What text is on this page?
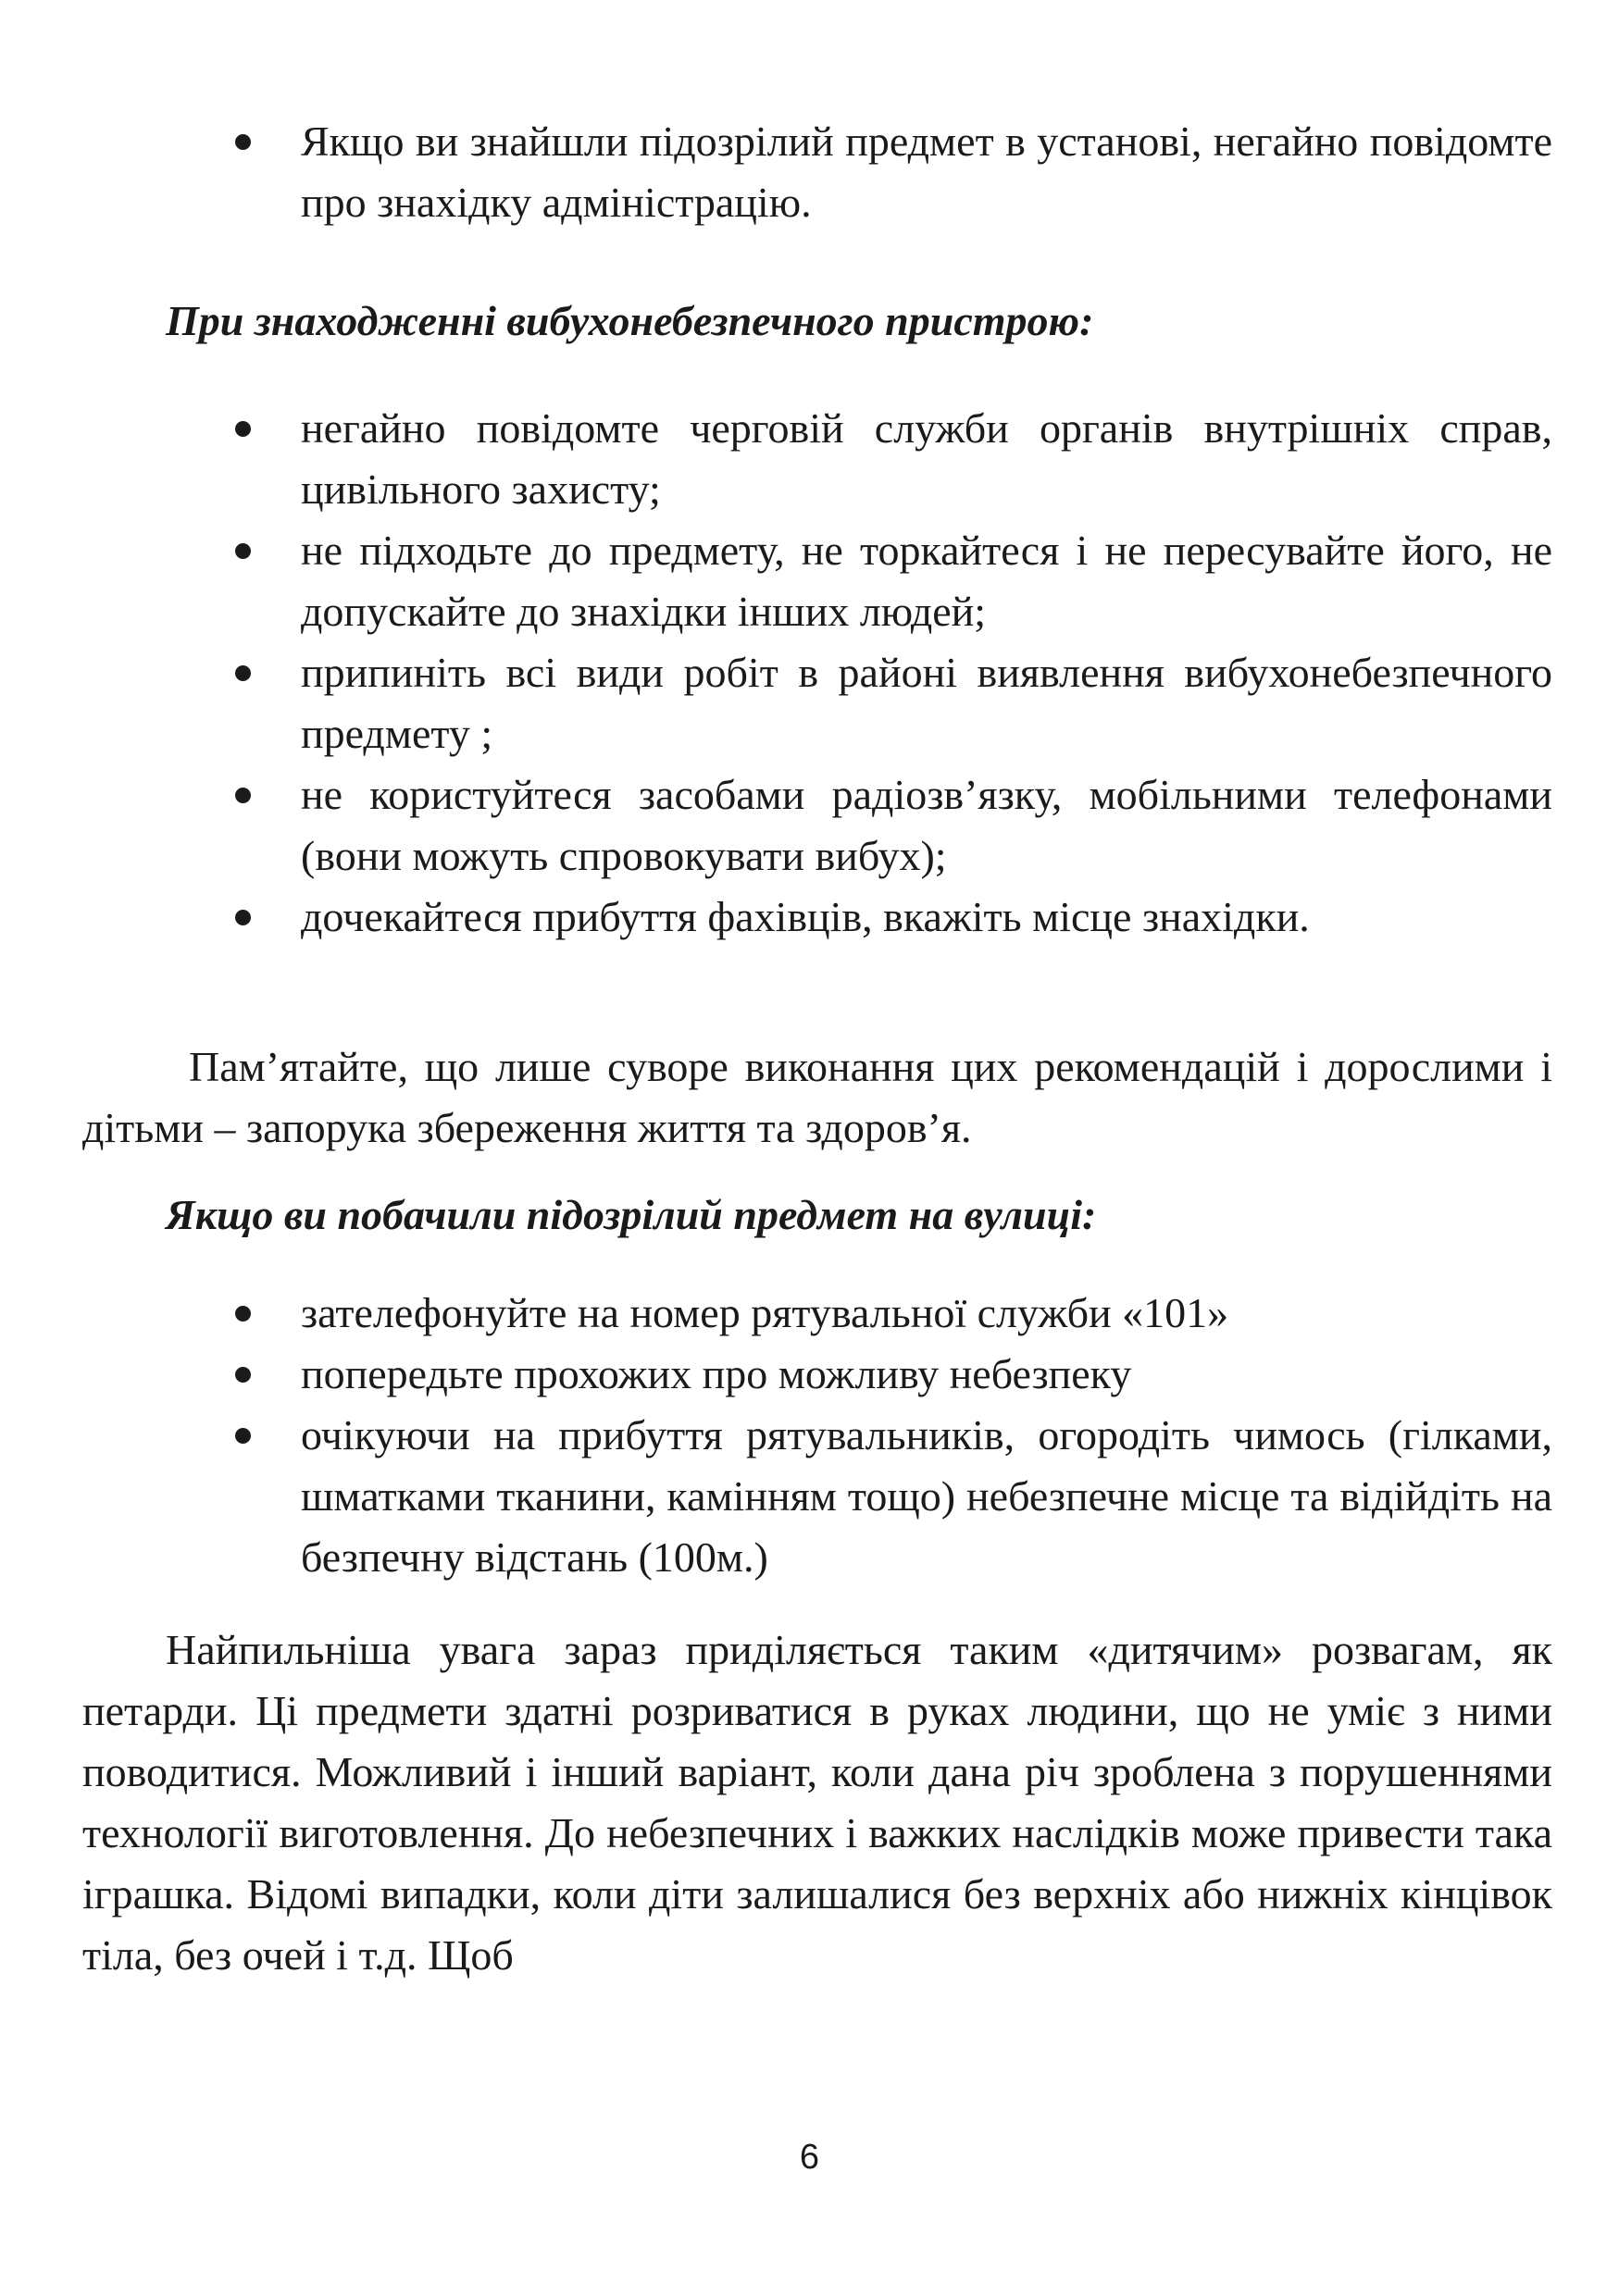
Якщо ви знайшли підозрілий предмет в установі, негайно повідомте про знахідку адміністрацію.

При знаходженні вибухонебезпечного пристрою:

негайно повідомте черговій служби органів внутрішніх справ, цивільного захисту;
не підходьте до предмету, не торкайтеся і не пересувайте його, не допускайте до знахідки інших людей;
припиніть всі види робіт в районі виявлення вибухонебезпечного предмету ;
не користуйтеся засобами радіозв’язку, мобільними телефонами (вони можуть спровокувати вибух);
дочекайтеся прибуття фахівців, вкажіть місце знахідки.

Пам’ятайте, що лише суворе виконання цих рекомендацій і дорослими і дітьми – запорука збереження життя та здоров’я.

Якщо ви побачили підозрілий предмет на вулиці:

зателефонуйте на номер рятувальної служби «101»
попередьте прохожих про можливу небезпеку
очікуючи на прибуття рятувальників, огородіть чимось (гілками, шматками тканини, камінням тощо) небезпечне місце та відійдіть на безпечну відстань (100м.)

Найпильніша увага зараз приділяється таким «дитячим» розвагам, як петарди. Ці предмети здатні розриватися в руках людини, що не уміє з ними поводитися. Можливий і інший варіант, коли дана річ зроблена з порушеннями технології виготовлення. До небезпечних і важких наслідків може привести така іграшка. Відомі випадки, коли діти залишалися без верхніх або нижніх кінцівок тіла, без очей і т.д. Щоб

6
